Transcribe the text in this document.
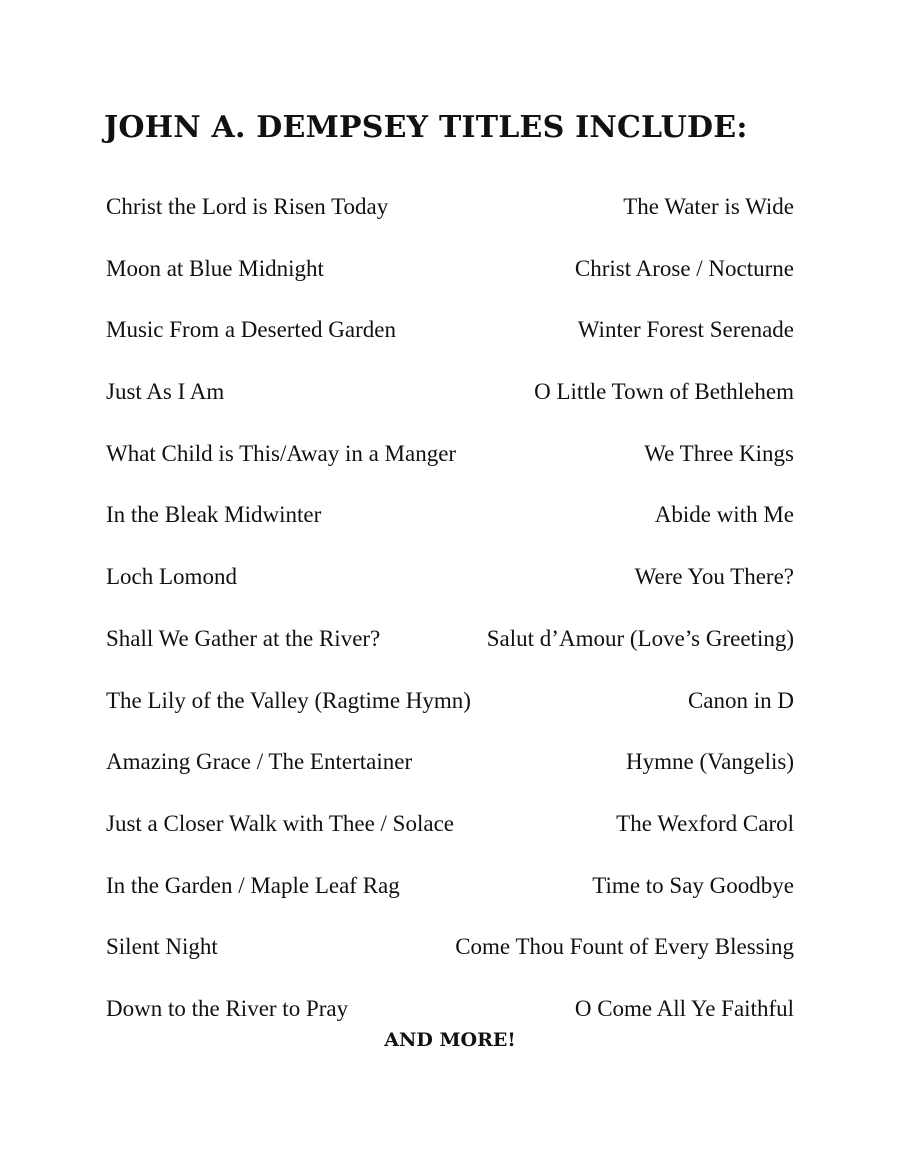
JOHN A. DEMPSEY TITLES INCLUDE:
Christ the Lord is Risen Today	The Water is Wide
Moon at Blue Midnight	Christ Arose / Nocturne
Music From a Deserted Garden	Winter Forest Serenade
Just As I Am	O Little Town of Bethlehem
What Child is This/Away in a Manger	We Three Kings
In the Bleak Midwinter	Abide with Me
Loch Lomond	Were You There?
Shall We Gather at the River?	Salut d’Amour (Love’s Greeting)
The Lily of the Valley (Ragtime Hymn)	Canon in D
Amazing Grace / The Entertainer	Hymne (Vangelis)
Just a Closer Walk with Thee / Solace	The Wexford Carol
In the Garden / Maple Leaf Rag	Time to Say Goodbye
Silent Night	Come Thou Fount of Every Blessing
Down to the River to Pray	O Come All Ye Faithful
AND MORE!
